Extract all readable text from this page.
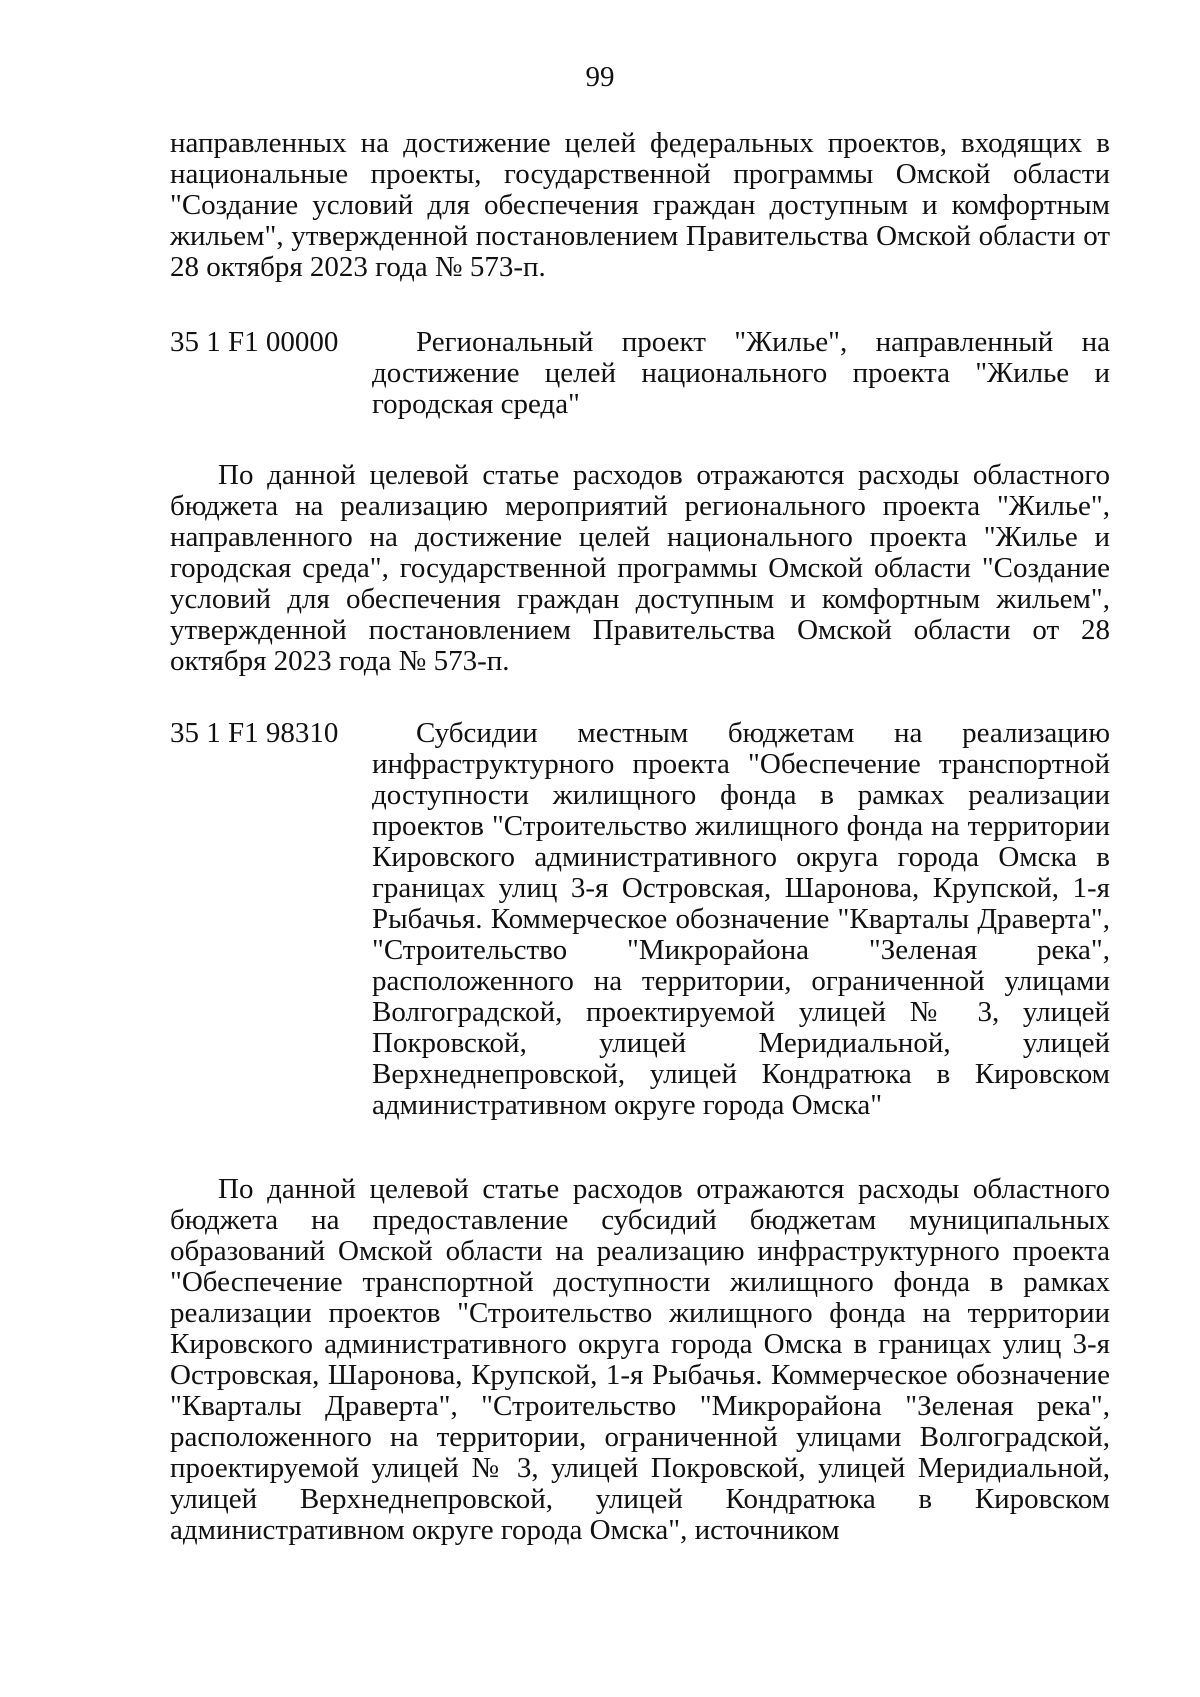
99
направленных на достижение целей федеральных проектов, входящих в национальные проекты, государственной программы Омской области "Создание условий для обеспечения граждан доступным и комфортным жильем", утвержденной постановлением Правительства Омской области от 28 октября 2023 года № 573-п.
35 1 F1 00000	Региональный проект "Жилье", направленный на достижение целей национального проекта "Жилье и городская среда"
По данной целевой статье расходов отражаются расходы областного бюджета на реализацию мероприятий регионального проекта "Жилье", направленного на достижение целей национального проекта "Жилье и городская среда", государственной программы Омской области "Создание условий для обеспечения граждан доступным и комфортным жильем", утвержденной постановлением Правительства Омской области от 28 октября 2023 года № 573-п.
35 1 F1 98310	Субсидии местным бюджетам на реализацию инфраструктурного проекта "Обеспечение транспортной доступности жилищного фонда в рамках реализации проектов "Строительство жилищного фонда на территории Кировского административного округа города Омска в границах улиц 3-я Островская, Шаронова, Крупской, 1-я Рыбачья. Коммерческое обозначение "Кварталы Драверта", "Строительство "Микрорайона "Зеленая река", расположенного на территории, ограниченной улицами Волгоградской, проектируемой улицей № 3, улицей Покровской, улицей Меридиальной, улицей Верхнеднепровской, улицей Кондратюка в Кировском административном округе города Омска"
По данной целевой статье расходов отражаются расходы областного бюджета на предоставление субсидий бюджетам муниципальных образований Омской области на реализацию инфраструктурного проекта "Обеспечение транспортной доступности жилищного фонда в рамках реализации проектов "Строительство жилищного фонда на территории Кировского административного округа города Омска в границах улиц 3-я Островская, Шаронова, Крупской, 1-я Рыбачья. Коммерческое обозначение "Кварталы Драверта", "Строительство "Микрорайона "Зеленая река", расположенного на территории, ограниченной улицами Волгоградской, проектируемой улицей № 3, улицей Покровской, улицей Меридиальной, улицей Верхнеднепровской, улицей Кондратюка в Кировском административном округе города Омска", источником
